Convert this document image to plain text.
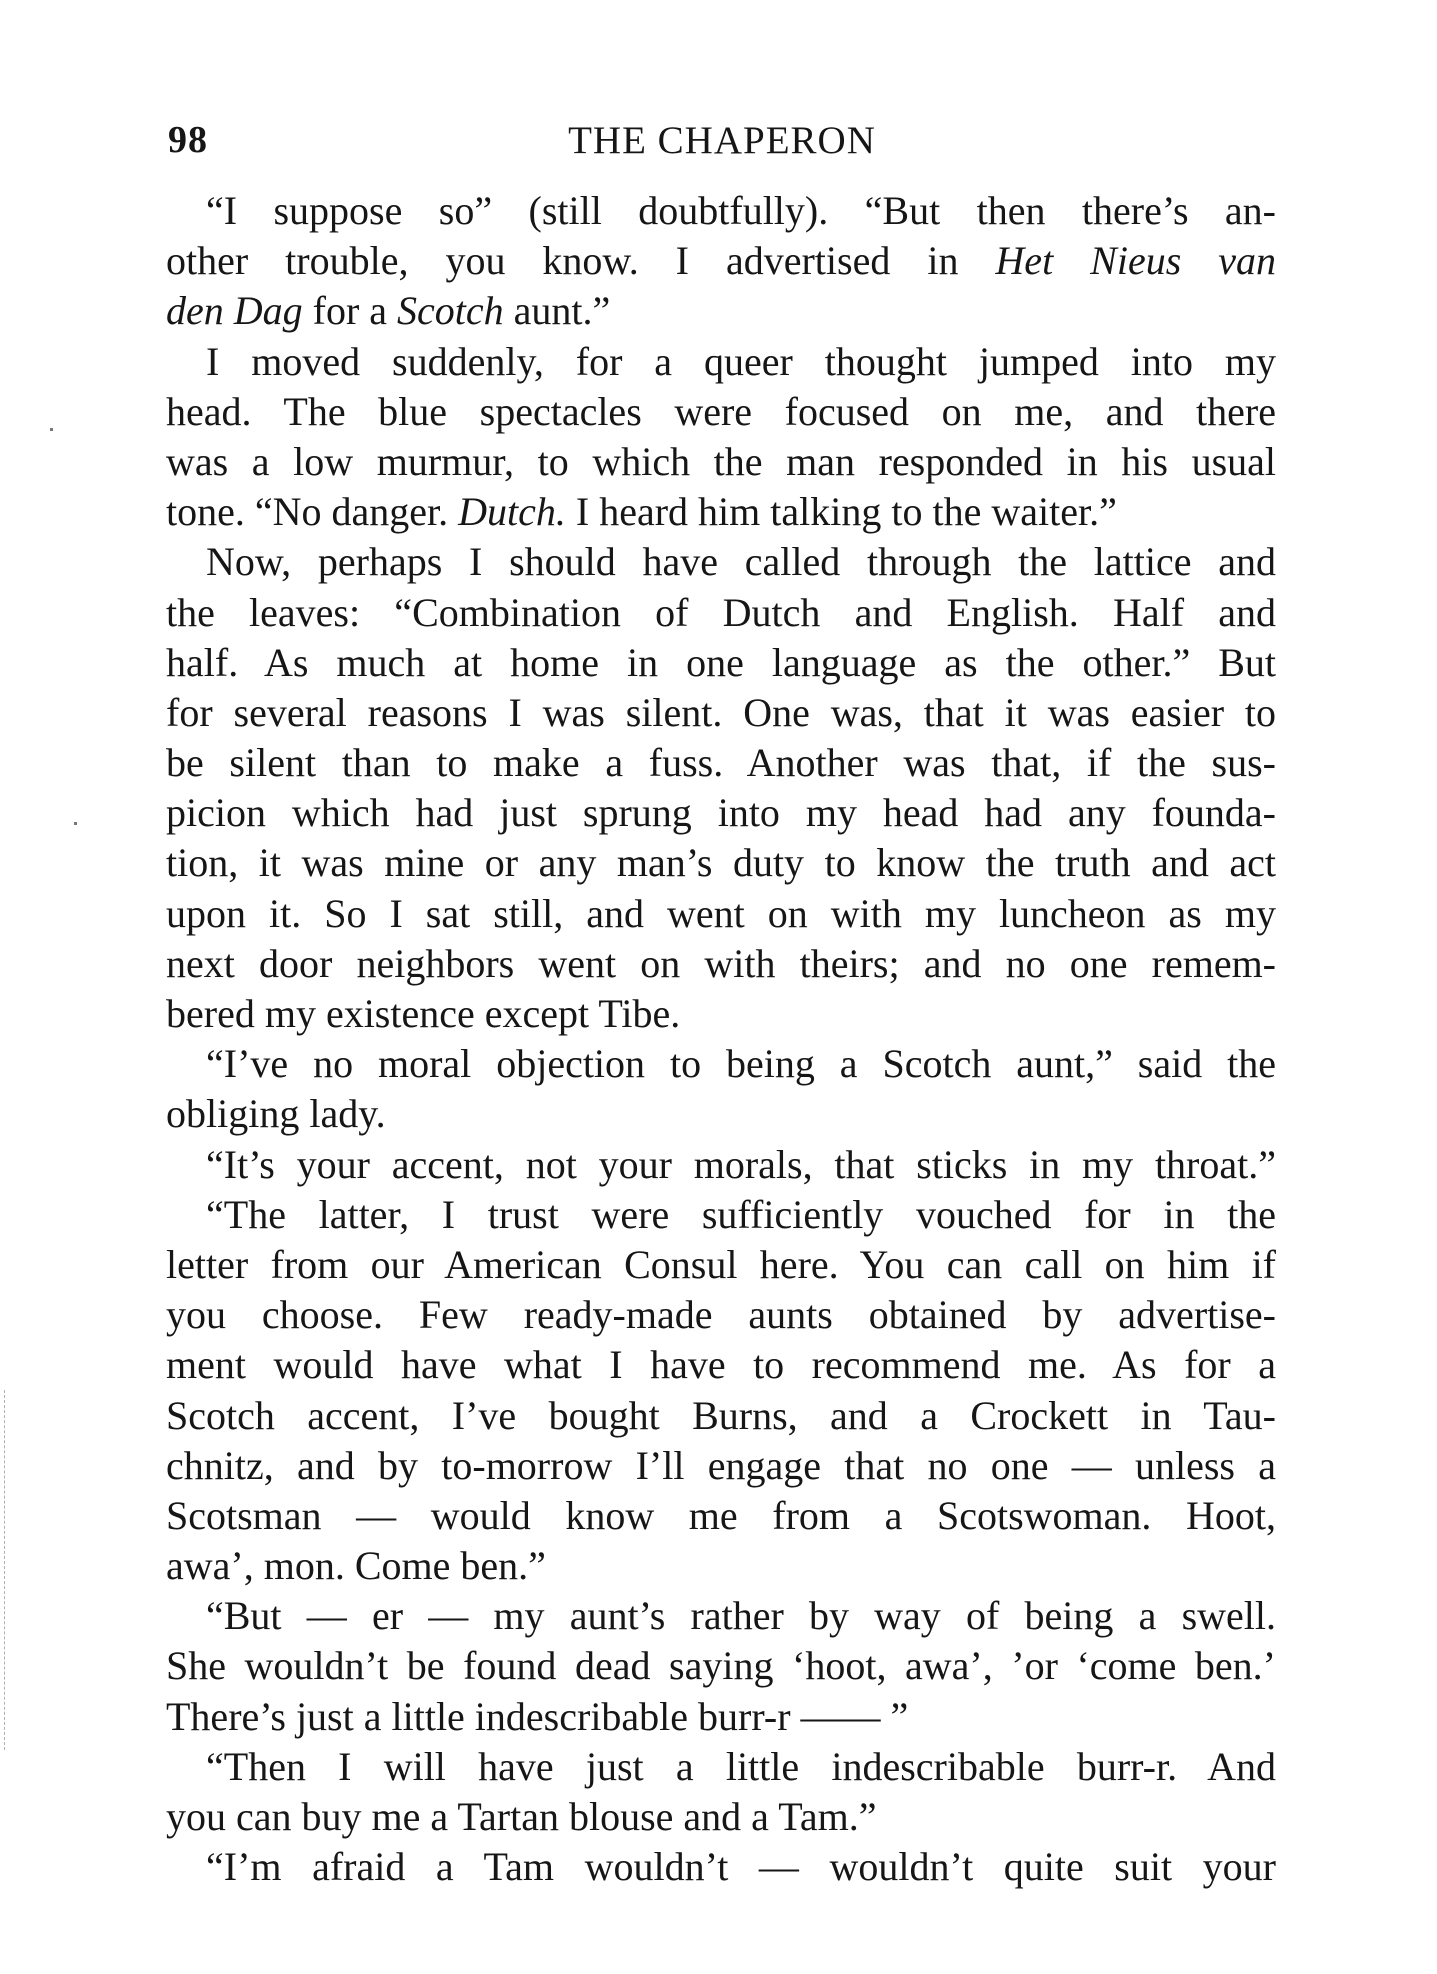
98	THE CHAPERON
“I suppose so” (still doubtfully). “But then there’s an-
other trouble, you know. I advertised in Het Nieus van
den Dag for a Scotch aunt.”
I moved suddenly, for a queer thought jumped into my
head. The blue spectacles were focused on me, and there
was a low murmur, to which the man responded in his usual
tone. “No danger. Dutch. I heard him talking to the waiter.”
Now, perhaps I should have called through the lattice and
the leaves: “Combination of Dutch and English. Half and
half. As much at home in one language as the other.” But
for several reasons I was silent. One was, that it was easier to
be silent than to make a fuss. Another was that, if the sus-
picion which had just sprung into my head had any founda-
tion, it was mine or any man’s duty to know the truth and act
upon it. So I sat still, and went on with my luncheon as my
next door neighbors went on with theirs; and no one remem-
bered my existence except Tibe.
“I’ve no moral objection to being a Scotch aunt,” said the
obliging lady.
“It’s your accent, not your morals, that sticks in my throat.”
“The latter, I trust were sufficiently vouched for in the
letter from our American Consul here. You can call on him if
you choose. Few ready-made aunts obtained by advertise-
ment would have what I have to recommend me. As for a
Scotch accent, I’ve bought Burns, and a Crockett in Tau-
chnitz, and by to-morrow I’ll engage that no one — unless a
Scotsman — would know me from a Scotswoman. Hoot,
awa’, mon. Come ben.”
“But — er — my aunt’s rather by way of being a swell.
She wouldn’t be found dead saying ‘hoot, awa’, ’or ‘come ben.’
There’s just a little indescribable burr-r —— ”
“Then I will have just a little indescribable burr-r. And
you can buy me a Tartan blouse and a Tam.”
“I’m afraid a Tam wouldn’t — wouldn’t quite suit your
